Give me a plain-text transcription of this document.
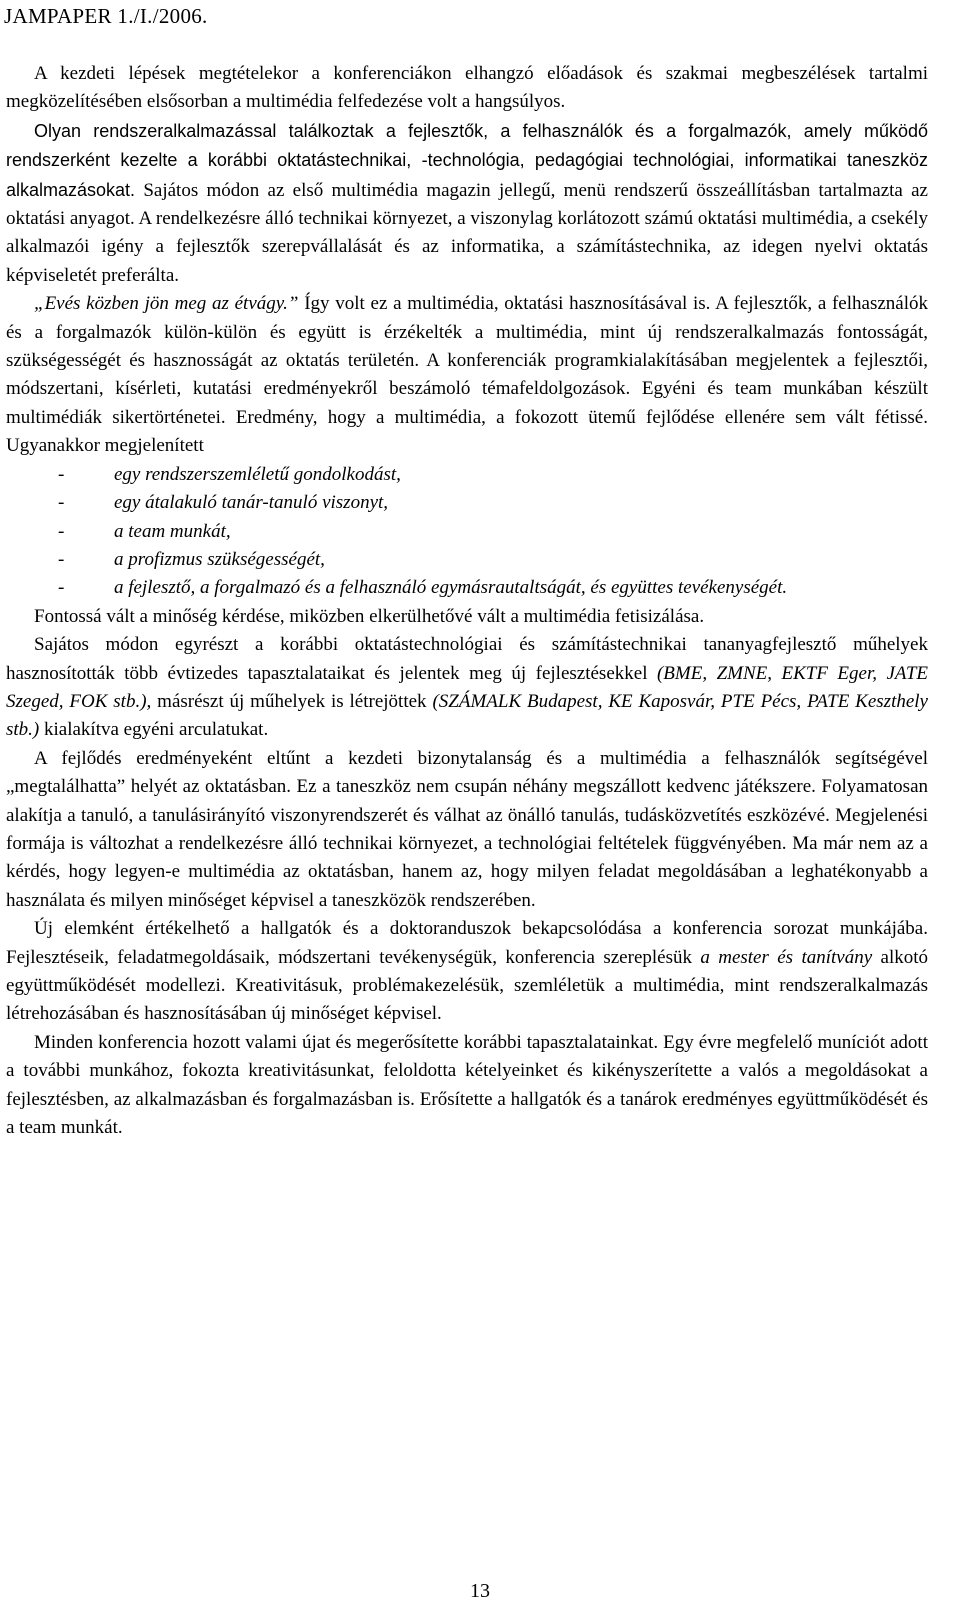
JAMPAPER 1./I./2006.

A kezdeti lépések megtételekor a konferenciákon elhangzó előadások és szakmai megbeszélések tartalmi megközelítésében elsősorban a multimédia felfedezése volt a hangsúlyos.

Olyan rendszeralkalmazással találkoztak a fejlesztők, a felhasználók és a forgalmazók, amely működő rendszerként kezelte a korábbi oktatástechnikai, -technológia, pedagógiai technológiai, informatikai taneszköz alkalmazásokat. Sajátos módon az első multimédia magazin jellegű, menü rendszerű összeállításban tartalmazta az oktatási anyagot. A rendelkezésre álló technikai környezet, a viszonylag korlátozott számú oktatási multimédia, a csekély alkalmazói igény a fejlesztők szerepvállalását és az informatika, a számítástechnika, az idegen nyelvi oktatás képviseletét preferálta.

„Evés közben jön meg az étvágy.” Így volt ez a multimédia, oktatási hasznosításával is. A fejlesztők, a felhasználók és a forgalmazók külön-külön és együtt is érzékelték a multimédia, mint új rendszeralkalmazás fontosságát, szükségességét és hasznosságát az oktatás területén. A konferenciák programkialakításában megjelentek a fejlesztői, módszertani, kísérleti, kutatási eredményekről beszámoló témafeldolgozások. Egyéni és team munkában készült multimédiák sikertörténetei. Eredmény, hogy a multimédia, a fokozott ütemű fejlődése ellenére sem vált fétissé. Ugyanakkor megjelenített

-	egy rendszerszemléletű gondolkodást,
-	egy átalakuló tanár-tanuló viszonyt,
-	a team munkát,
-	a profizmus szükségességét,
-	a fejlesztő, a forgalmazó és a felhasználó egymásrautaltságát, és együttes tevékenységét.

Fontossá vált a minőség kérdése, miközben elkerülhetővé vált a multimédia fetisizálása.

Sajátos módon egyrészt a korábbi oktatástechnológiai és számítástechnikai tananyagfejlesztő műhelyek hasznosították több évtizedes tapasztalataikat és jelentek meg új fejlesztésekkel (BME, ZMNE, EKTF Eger, JATE Szeged, FOK stb.), másrészt új műhelyek is létrejöttek (SZÁMALK Budapest, KE Kaposvár, PTE Pécs, PATE Keszthely stb.) kialakítva egyéni arculatukat.

A fejlődés eredményeként eltűnt a kezdeti bizonytalanság és a multimédia a felhasználók segítségével „megtalálhatta” helyét az oktatásban. Ez a taneszköz nem csupán néhány megszállott kedvenc játékszere. Folyamatosan alakítja a tanuló, a tanulásirányító viszonyrendszerét és válhat az önálló tanulás, tudásközvetítés eszközévé. Megjelenési formája is változhat a rendelkezésre álló technikai környezet, a technológiai feltételek függvényében. Ma már nem az a kérdés, hogy legyen-e multimédia az oktatásban, hanem az, hogy milyen feladat megoldásában a leghatékonyabb a használata és milyen minőséget képvisel a taneszközök rendszerében.

Új elemként értékelhető a hallgatók és a doktoranduszok bekapcsolódása a konferencia sorozat munkájába. Fejlesztéseik, feladatmegoldásaik, módszertani tevékenységük, konferencia szereplésük a mester és tanítvány alkotó együttműködését modellezi. Kreativitásuk, problémakezelésük, szemléletük a multimédia, mint rendszeralkalmazás létrehozásában és hasznosításában új minőséget képvisel.

Minden konferencia hozott valami újat és megerősítette korábbi tapasztalatainkat. Egy évre megfelelő muníciót adott a további munkához, fokozta kreativitásunkat, feloldotta kételyeinket és kikényszerítette a valós a megoldásokat a fejlesztésben, az alkalmazásban és forgalmazásban is. Erősítette a hallgatók és a tanárok eredményes együttműködését és a team munkát.

13
